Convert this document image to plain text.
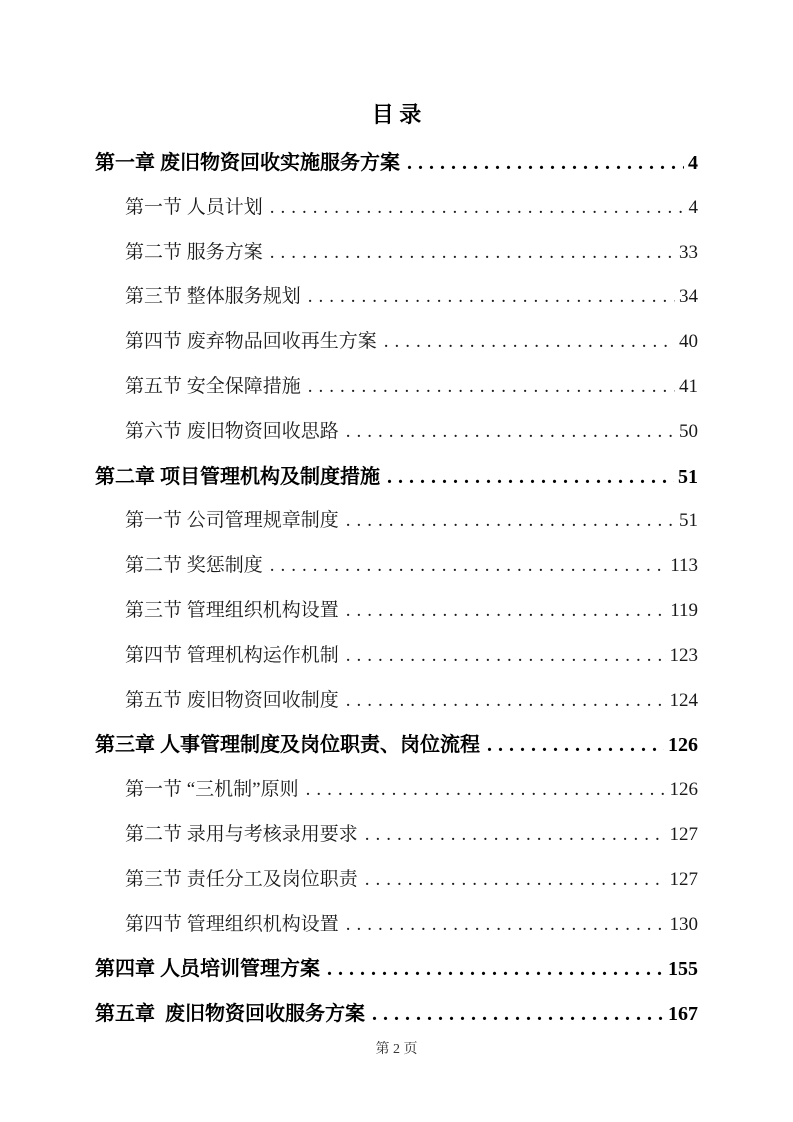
目 录
第一章 废旧物资回收实施服务方案 .....	4
第一节 人员计划 .....	4
第二节 服务方案 .....	33
第三节 整体服务规划 .....	34
第四节 废弃物品回收再生方案 .....	40
第五节 安全保障措施 .....	41
第六节 废旧物资回收思路 .....	50
第二章 项目管理机构及制度措施 .....	51
第一节 公司管理规章制度 .....	51
第二节 奖惩制度 .....	113
第三节 管理组织机构设置 .....	119
第四节 管理机构运作机制 .....	123
第五节 废旧物资回收制度 .....	124
第三章 人事管理制度及岗位职责、岗位流程 .....	126
第一节 “三机制”原则 .....	126
第二节 录用与考核录用要求 .....	127
第三节 责任分工及岗位职责 .....	127
第四节 管理组织机构设置 .....	130
第四章 人员培训管理方案 .....	155
第五章  废旧物资回收服务方案 .....	167
第 2 页
